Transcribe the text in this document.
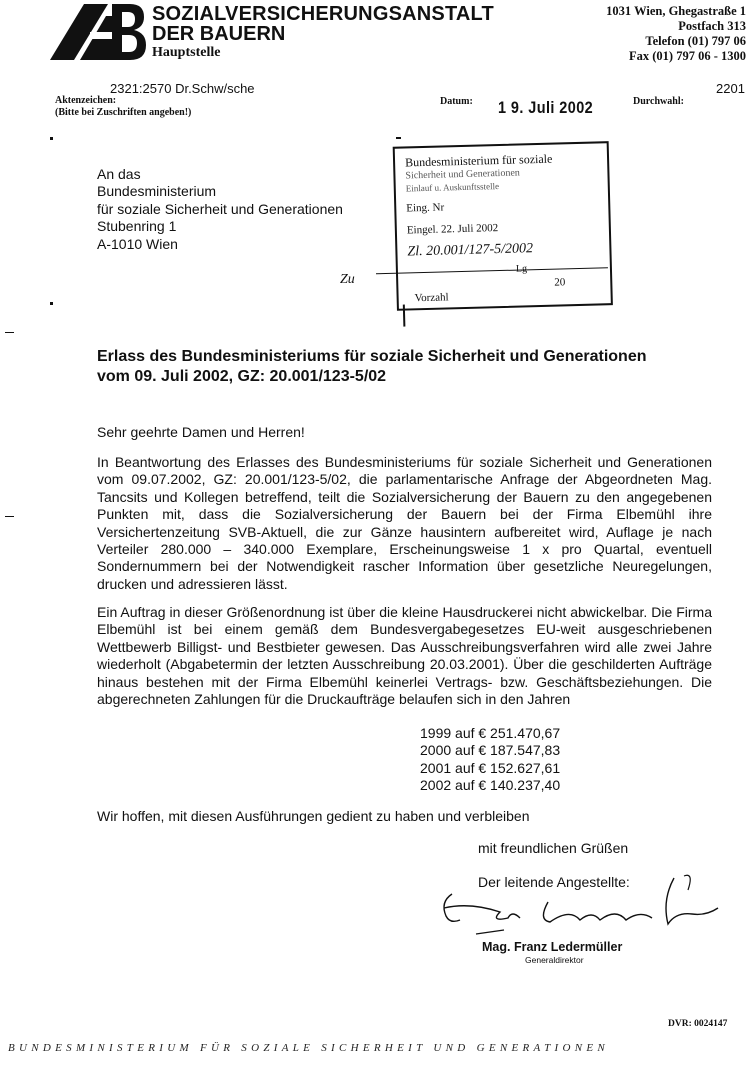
SOZIALVERSICHERUNGSANSTALT
DER BAUERN
Hauptstelle
1031 Wien, Ghegastraße 1
Postfach 313
Telefon (01) 797 06
Fax (01) 797 06 - 1300
2321:2570 Dr.Schw/sche
Aktenzeichen:
(Bitte bei Zuschriften angeben!)
Datum: 1 9. Juli 2002	Durchwahl:
2201
An das
Bundesministerium
für soziale Sicherheit und Generationen
Stubenring 1
A-1010 Wien
Bundesministerium für soziale
Sicherheit und Generationen
Einlauf u. Auskunftsstelle
Eing. Nr
Eingel. 22. Juli 2002
Zl. 20.001/127-5/2002
20
Vorzahl
Zu
Erlass des Bundesministeriums für soziale Sicherheit und Generationen
vom 09. Juli 2002, GZ: 20.001/123-5/02
Sehr geehrte Damen und Herren!
In Beantwortung des Erlasses des Bundesministeriums für soziale Sicherheit und Generationen vom 09.07.2002, GZ: 20.001/123-5/02, die parlamentarische Anfrage der Abgeordneten Mag. Tancsits und Kollegen betreffend, teilt die Sozialversicherung der Bauern zu den angegebenen Punkten mit, dass die Sozialversicherung der Bauern bei der Firma Elbemühl ihre Versichertenzeitung SVB-Aktuell, die zur Gänze hausintern aufbereitet wird, Auflage je nach Verteiler 280.000 – 340.000 Exemplare, Erscheinungsweise 1 x pro Quartal, eventuell Sondernummern bei der Notwendigkeit rascher Information über gesetzliche Neuregelungen, drucken und adressieren lässt.
Ein Auftrag in dieser Größenordnung ist über die kleine Hausdruckerei nicht abwickelbar. Die Firma Elbemühl ist bei einem gemäß dem Bundesvergabegesetzes EU-weit ausgeschriebenen Wettbewerb Billigst- und Bestbieter gewesen. Das Ausschreibungsverfahren wird alle zwei Jahre wiederholt (Abgabetermin der letzten Ausschreibung 20.03.2001). Über die geschilderten Aufträge hinaus bestehen mit der Firma Elbemühl keinerlei Vertrags- bzw. Geschäftsbeziehungen. Die abgerechneten Zahlungen für die Druckaufträge belaufen sich in den Jahren
1999 auf € 251.470,67
2000 auf € 187.547,83
2001 auf € 152.627,61
2002 auf € 140.237,40
Wir hoffen, mit diesen Ausführungen gedient zu haben und verbleiben
mit freundlichen Grüßen
Der leitende Angestellte:
Mag. Franz Ledermüller
Generaldirektor
DVR: 0024147
BUNDESMINISTERIUM FÜR SOZIALE SICHERHEIT UND GENERATIONEN
